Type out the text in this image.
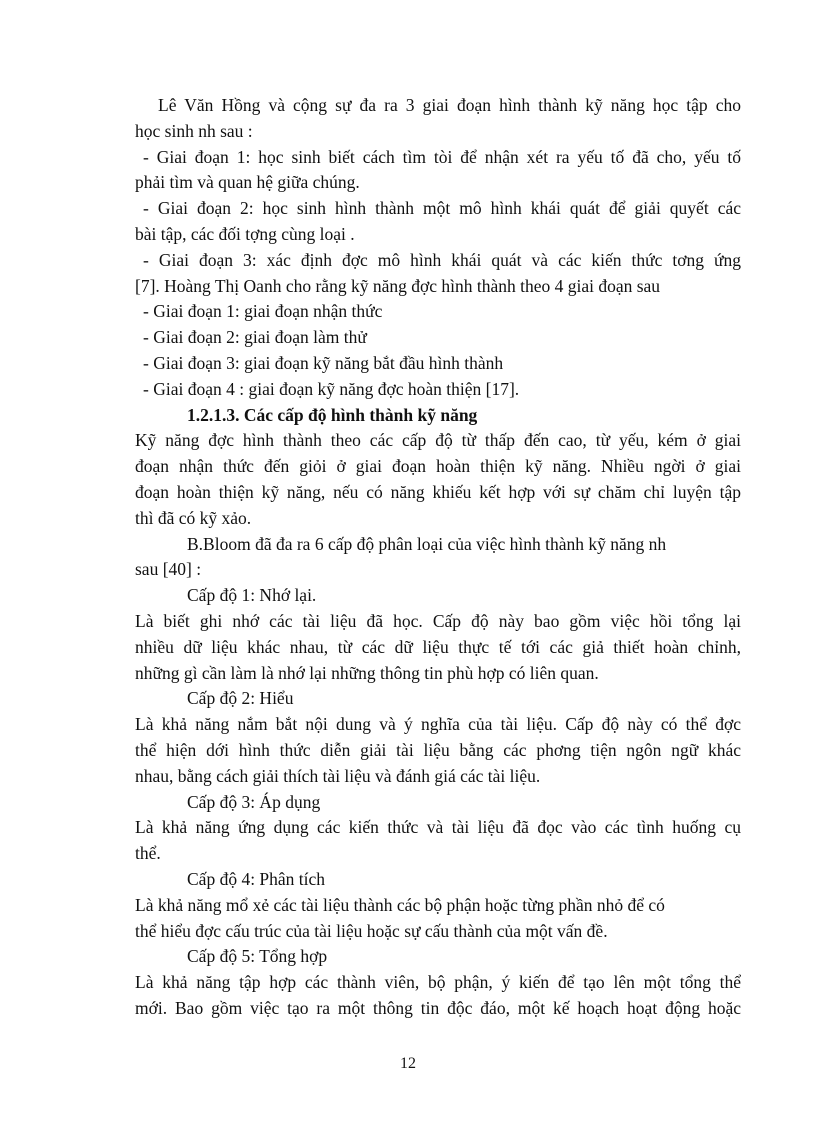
Lê Văn Hồng và cộng sự đa ra 3 giai đoạn hình thành kỹ năng học tập cho
học sinh nh sau :
- Giai đoạn 1: học sinh biết cách tìm tòi để nhận xét ra yếu tố đã cho, yếu tố
phải tìm và quan hệ giữa chúng.
- Giai đoạn 2: học sinh hình thành một mô hình khái quát để giải quyết các
bài tập, các đối tợng cùng loại .
- Giai đoạn 3: xác định đợc mô hình khái quát và các kiến thức tơng ứng
[7]. Hoàng Thị Oanh cho rằng kỹ năng đợc hình thành theo 4 giai đoạn sau
- Giai đoạn 1: giai đoạn nhận thức
- Giai đoạn 2: giai đoạn làm thử
- Giai đoạn 3: giai đoạn kỹ năng bắt đầu hình thành
- Giai đoạn 4 : giai đoạn kỹ năng đợc hoàn thiện [17].
1.2.1.3. Các cấp độ hình thành kỹ năng
Kỹ năng đợc hình thành theo các cấp độ từ thấp đến cao, từ yếu, kém ở giai
đoạn nhận thức đến giỏi ở giai đoạn hoàn thiện kỹ năng. Nhiều ngời ở giai
đoạn hoàn thiện kỹ năng, nếu có năng khiếu kết hợp với sự chăm chỉ luyện tập
thì đã có kỹ xảo.
B.Bloom đã đa ra 6 cấp độ phân loại của việc hình thành kỹ năng nh
sau [40] :
Cấp độ 1: Nhớ lại.
Là biết ghi nhớ các tài liệu đã học. Cấp độ này bao gồm việc hồi tổng lại
nhiều dữ liệu khác nhau, từ các dữ liệu thực tế tới các giả thiết hoàn chỉnh,
những gì cần làm là nhớ lại những thông tin phù hợp có liên quan.
Cấp độ 2: Hiểu
Là khả năng nắm bắt nội dung và ý nghĩa của tài liệu. Cấp độ này có thể đợc
thể hiện dới hình thức diễn giải tài liệu bằng các phơng tiện ngôn ngữ khác
nhau, bằng cách giải thích tài liệu và đánh giá các tài liệu.
Cấp độ 3: Áp dụng
Là khả năng ứng dụng các kiến thức và tài liệu đã đọc vào các tình huống cụ
thể.
Cấp độ 4: Phân tích
Là khả năng mổ xẻ các tài liệu thành các bộ phận hoặc từng phần nhỏ để có
thể hiểu đợc cấu trúc của tài liệu hoặc sự cấu thành của một vấn đề.
Cấp độ 5: Tổng hợp
Là khả năng tập hợp các thành viên, bộ phận, ý kiến để tạo lên một tổng thể
mới. Bao gồm việc tạo ra một thông tin độc đáo, một kế hoạch hoạt động hoặc
12
